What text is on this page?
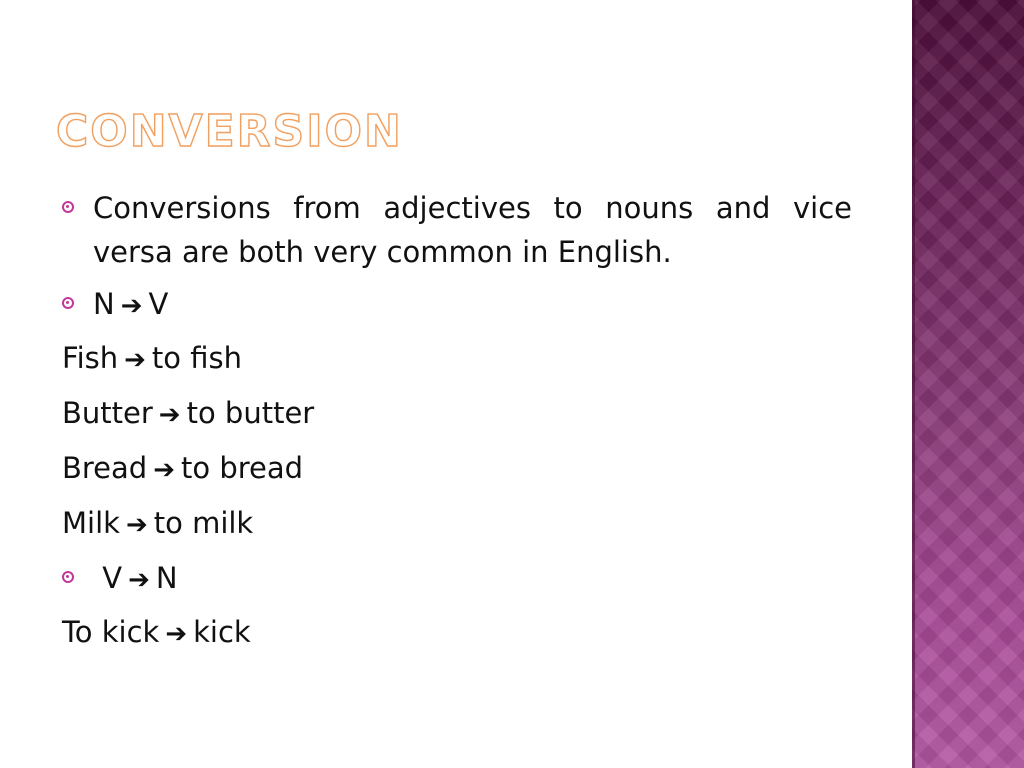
CONVERSION
Conversions from adjectives to nouns and vice versa are both very common in English.
N ➔ V
Fish ➔ to fish
Butter ➔ to butter
Bread ➔ to bread
Milk ➔ to milk
V ➔ N
To kick ➔ kick
